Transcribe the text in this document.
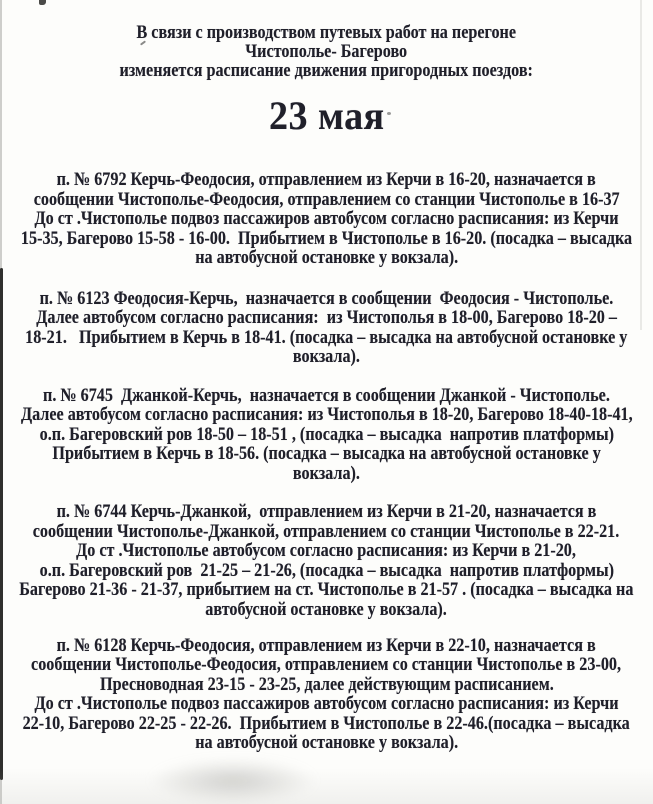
В связи с производством путевых работ на перегоне
Чистополье- Багерово
изменяется расписание движения пригородных поездов:
23 мая
п. № 6792 Керчь-Феодосия, отправлением из Керчи в 16-20, назначается в
сообщении Чистополье-Феодосия, отправлением со станции Чистополье в 16-37
До ст .Чистополье подвоз пассажиров автобусом согласно расписания: из Керчи
15-35, Багерово 15-58 - 16-00.  Прибытием в Чистополье в 16-20. (посадка – высадка
на автобусной остановке у вокзала).
п. № 6123 Феодосия-Керчь,  назначается в сообщении  Феодосия - Чистополье.
Далее автобусом согласно расписания:  из Чистополья в 18-00, Багерово 18-20 –
18-21.   Прибытием в Керчь в 18-41. (посадка – высадка на автобусной остановке у
вокзала).
п. № 6745  Джанкой-Керчь,  назначается в сообщении Джанкой - Чистополье.
Далее автобусом согласно расписания: из Чистополья в 18-20, Багерово 18-40-18-41,
о.п. Багеровский ров 18-50 – 18-51 , (посадка – высадка  напротив платформы)
Прибытием в Керчь в 18-56. (посадка – высадка на автобусной остановке у
вокзала).
п. № 6744 Керчь-Джанкой,  отправлением из Керчи в 21-20, назначается в
сообщении Чистополье-Джанкой, отправлением со станции Чистополье в 22-21.
До ст .Чистополье автобусом согласно расписания: из Керчи в 21-20,
о.п. Багеровский ров  21-25 – 21-26, (посадка – высадка  напротив платформы)
Багерово 21-36 - 21-37, прибытием на ст. Чистополье в 21-57 . (посадка – высадка на
автобусной остановке у вокзала).
п. № 6128 Керчь-Феодосия, отправлением из Керчи в 22-10, назначается в
сообщении Чистополье-Феодосия, отправлением со станции Чистополье в 23-00,
Пресноводная 23-15 - 23-25, далее действующим расписанием.
До ст .Чистополье подвоз пассажиров автобусом согласно расписания: из Керчи
22-10, Багерово 22-25 - 22-26.  Прибытием в Чистополье в 22-46.(посадка – высадка
на автобусной остановке у вокзала).
